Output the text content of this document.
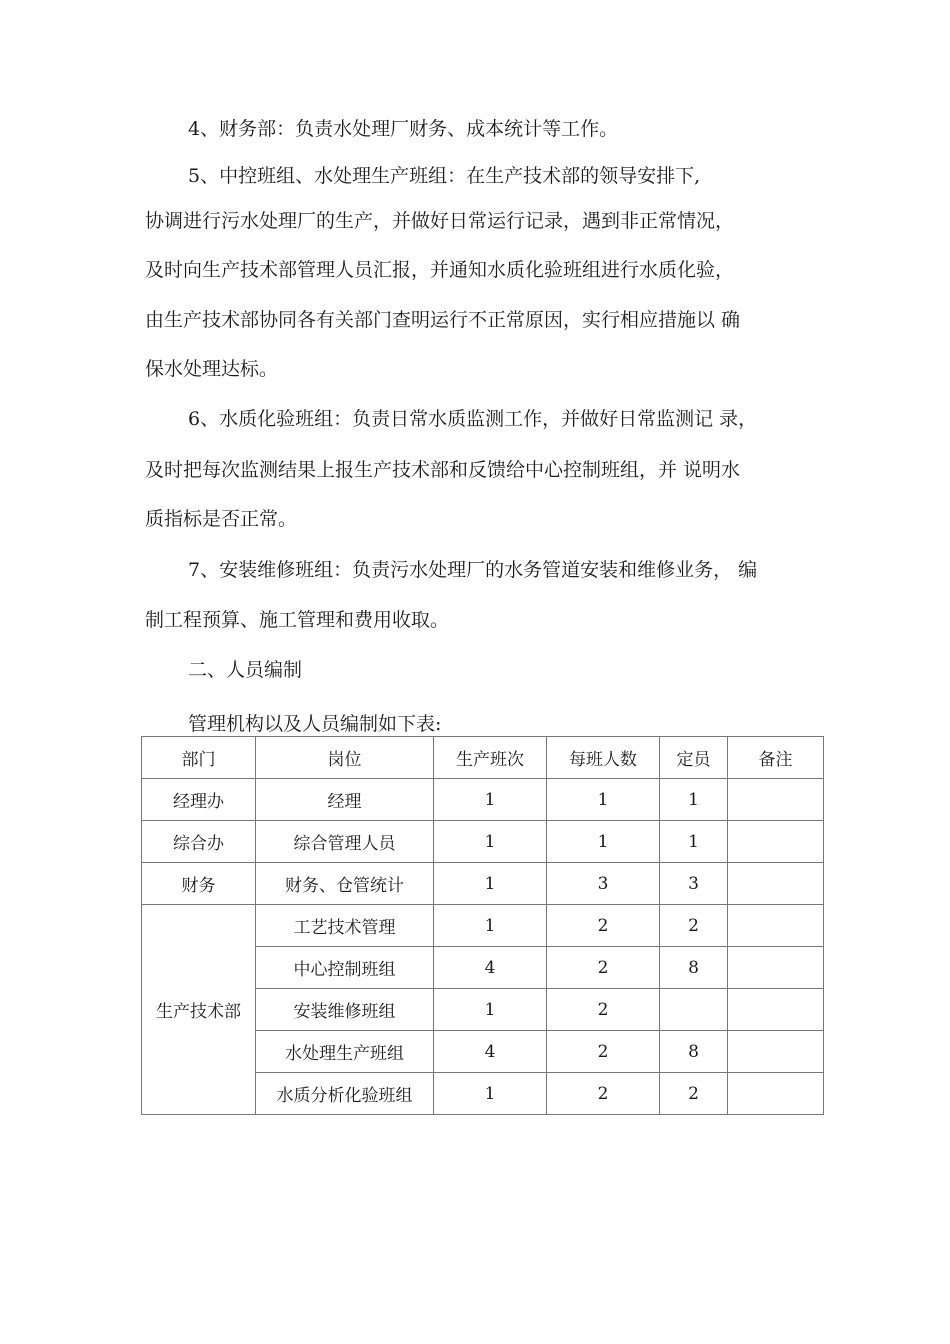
4、财务部：负责水处理厂财务、成本统计等工作。
5、中控班组、水处理生产班组：在生产技术部的领导安排下,
协调进行污水处理厂的生产，并做好日常运行记录，遇到非正常情况，
及时向生产技术部管理人员汇报，并通知水质化验班组进行水质化验，
由生产技术部协同各有关部门查明运行不正常原因，实行相应措施以 确
保水处理达标。
6、水质化验班组：负责日常水质监测工作，并做好日常监测记 录，
及时把每次监测结果上报生产技术部和反馈给中心控制班组，并 说明水
质指标是否正常。
7、安装维修班组：负责污水处理厂的水务管道安装和维修业务， 编
制工程预算、施工管理和费用收取。
二、人员编制
管理机构以及人员编制如下表:
部门	岗位	生产班次	每班人数	定员	备注
经理办	经理	1	1	1	
综合办	综合管理人员	1	1	1	
财务	财务、仓管统计	1	3	3	
生产技术部	工艺技术管理	1	2	2	
	中心控制班组	4	2	8	
	安装维修班组	1	2		
	水处理生产班组	4	2	8	
	水质分析化验班组	1	2	2	
